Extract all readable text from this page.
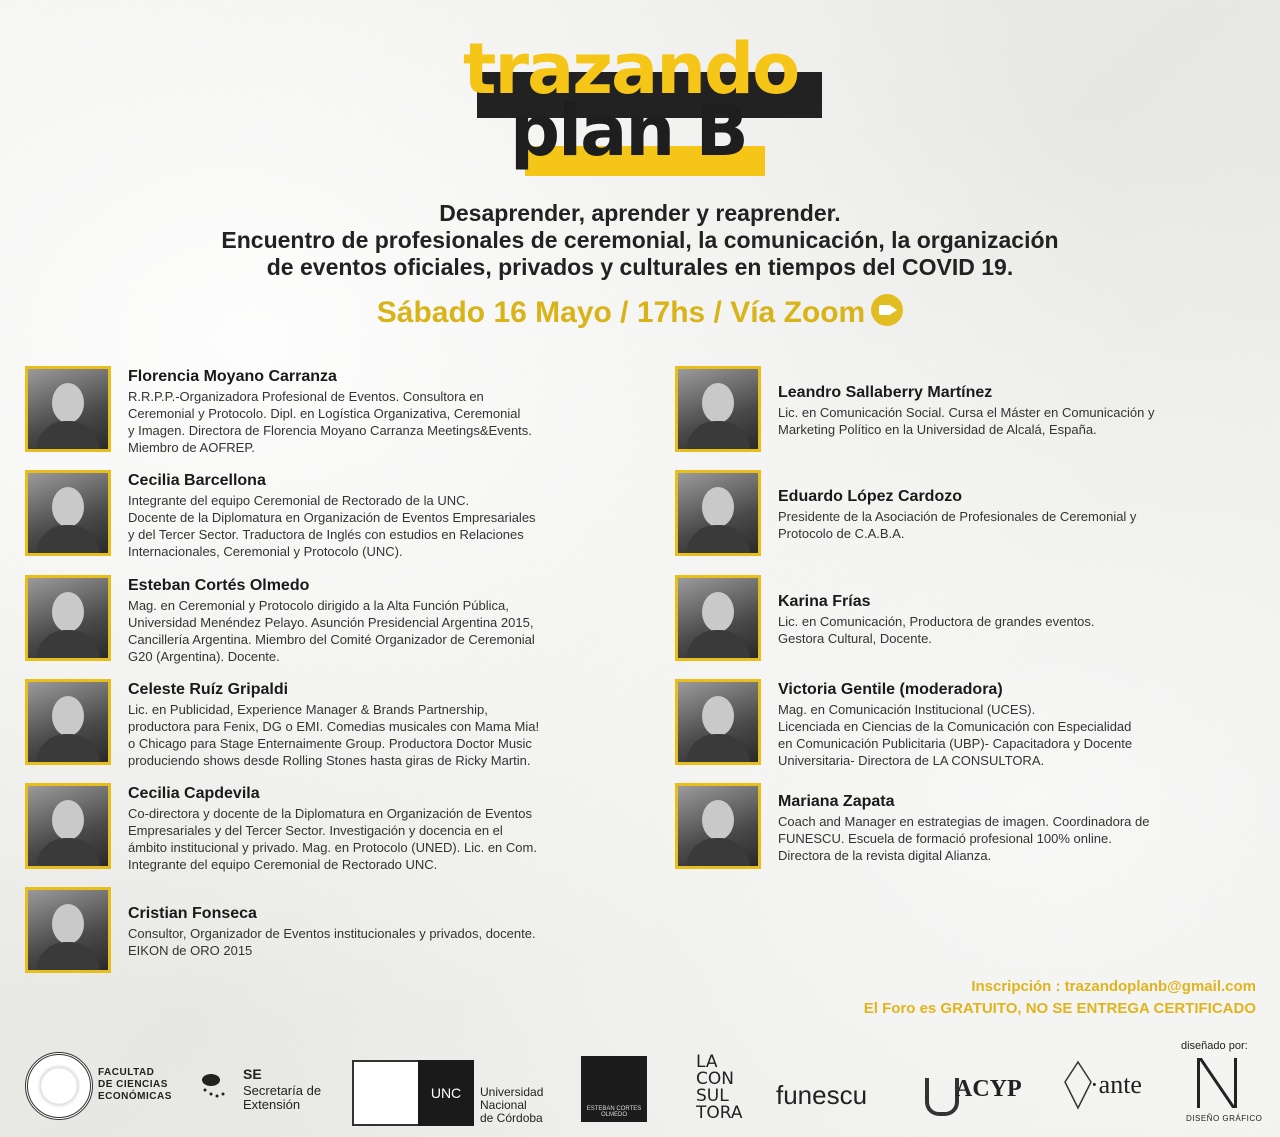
trazando
plan B
Desaprender, aprender y reaprender.
Encuentro de profesionales de ceremonial, la comunicación, la organización
de eventos oficiales, privados y culturales en tiempos del COVID 19.
Sábado 16 Mayo / 17hs / Vía Zoom
Florencia Moyano Carranza
R.R.P.P.-Organizadora Profesional de Eventos. Consultora en
Ceremonial y Protocolo. Dipl. en Logística Organizativa, Ceremonial
y Imagen. Directora de Florencia Moyano Carranza Meetings&Events.
Miembro de AOFREP.
Cecilia Barcellona
Integrante del equipo Ceremonial de Rectorado de la UNC.
Docente de la Diplomatura en Organización de Eventos Empresariales
y del Tercer Sector. Traductora de Inglés con estudios en Relaciones
Internacionales, Ceremonial y Protocolo (UNC).
Esteban Cortés Olmedo
Mag. en Ceremonial y Protocolo dirigido a la Alta Función Pública,
Universidad Menéndez Pelayo. Asunción Presidencial Argentina 2015,
Cancillería Argentina. Miembro del Comité Organizador de Ceremonial
G20 (Argentina). Docente.
Celeste Ruíz Gripaldi
Lic. en Publicidad, Experience Manager & Brands Partnership,
productora para Fenix, DG o EMI. Comedias musicales con Mama Mia!
o Chicago para Stage Enternaimente Group. Productora Doctor Music
produciendo shows desde Rolling Stones hasta giras de Ricky Martin.
Cecilia Capdevila
Co-directora y docente de la Diplomatura en Organización de Eventos
Empresariales y del Tercer Sector. Investigación y docencia en el
ámbito institucional y privado. Mag. en Protocolo (UNED). Lic. en Com.
Integrante del equipo Ceremonial de Rectorado UNC.
Cristian Fonseca
Consultor, Organizador de Eventos institucionales y privados, docente.
EIKON de ORO 2015
Leandro Sallaberry Martínez
Lic. en Comunicación Social. Cursa el Máster en Comunicación y
Marketing Político en la Universidad de Alcalá, España.
Eduardo López Cardozo
Presidente de la Asociación de Profesionales de Ceremonial y
Protocolo de C.A.B.A.
Karina Frías
Lic. en Comunicación, Productora de grandes eventos.
Gestora Cultural, Docente.
Victoria Gentile (moderadora)
Mag. en Comunicación Institucional (UCES).
Licenciada en Ciencias de la Comunicación con Especialidad
en Comunicación Publicitaria (UBP)- Capacitadora y Docente
Universitaria- Directora de LA CONSULTORA.
Mariana Zapata
Coach and Manager en estrategias de imagen. Coordinadora de
FUNESCU. Escuela de formació profesional 100% online.
Directora de la revista digital Alianza.
Inscripción : trazandoplanb@gmail.com
El Foro es GRATUITO, NO SE ENTREGA CERTIFICADO
FACULTAD
DE CIENCIAS
ECONÓMICAS
SE
Secretaría de
Extensión
UNC	Universidad
Nacional
de Córdoba
ESTEBAN CORTES OLMEDO
LA
CON
SUL
TORA
funescu	ACYP	·ante
diseñado por:
DISEÑO GRÁFICO
